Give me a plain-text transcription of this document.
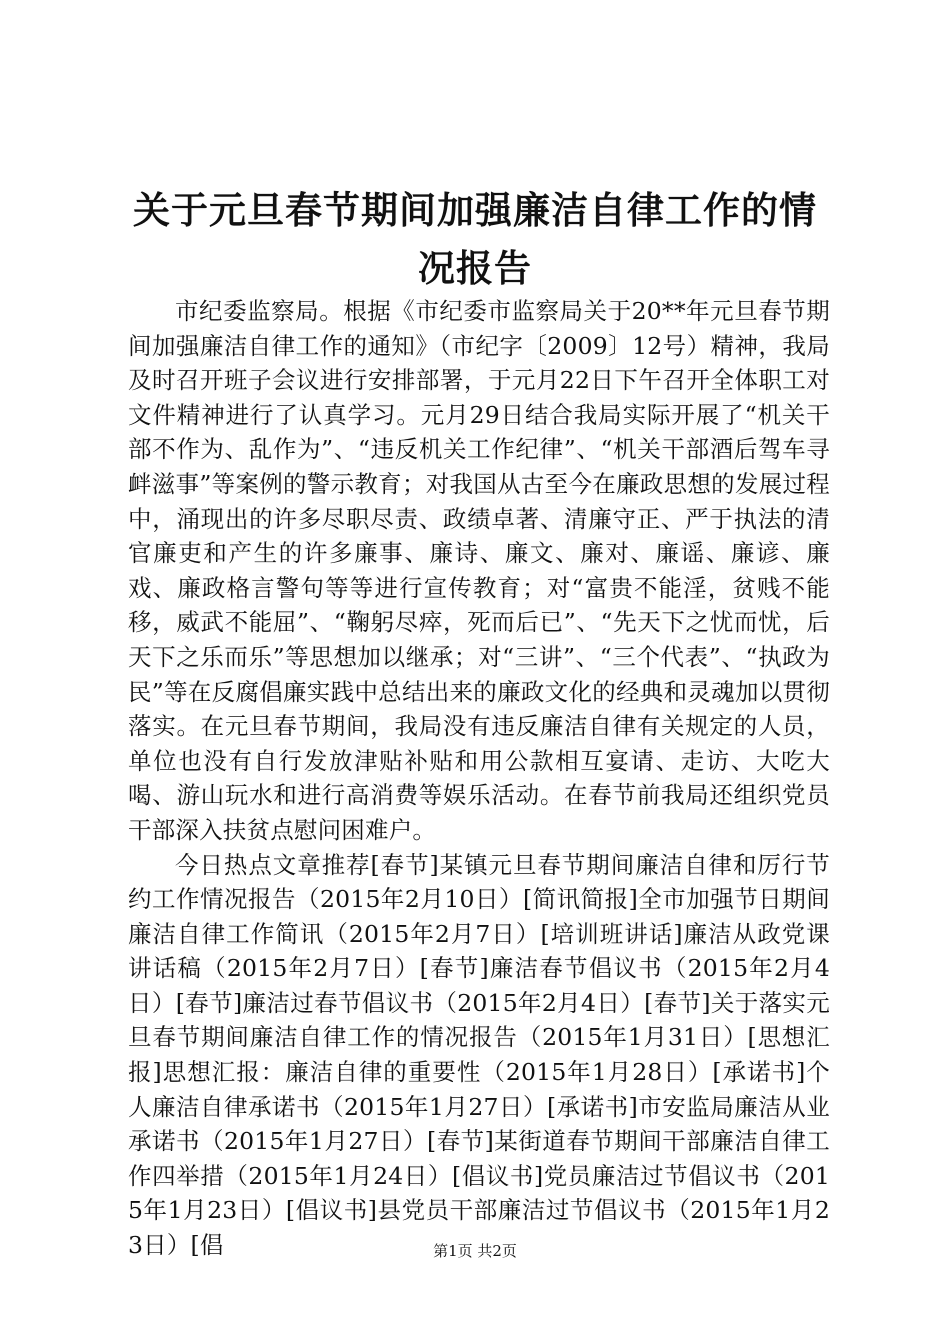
关于元旦春节期间加强廉洁自律工作的情况报告

市纪委监察局。根据《市纪委市监察局关于20**年元旦春节期间加强廉洁自律工作的通知》（市纪字〔2009〕12号）精神，我局及时召开班子会议进行安排部署，于元月22日下午召开全体职工对文件精神进行了认真学习。元月29日结合我局实际开展了“机关干部不作为、乱作为”、“违反机关工作纪律”、“机关干部酒后驾车寻衅滋事”等案例的警示教育；对我国从古至今在廉政思想的发展过程中，涌现出的许多尽职尽责、政绩卓著、清廉守正、严于执法的清官廉吏和产生的许多廉事、廉诗、廉文、廉对、廉谣、廉谚、廉戏、廉政格言警句等等进行宣传教育；对“富贵不能淫，贫贱不能移，威武不能屈”、“鞠躬尽瘁，死而后已”、“先天下之忧而忧，后天下之乐而乐”等思想加以继承；对“三讲”、“三个代表”、“执政为民”等在反腐倡廉实践中总结出来的廉政文化的经典和灵魂加以贯彻落实。在元旦春节期间，我局没有违反廉洁自律有关规定的人员，单位也没有自行发放津贴补贴和用公款相互宴请、走访、大吃大喝、游山玩水和进行高消费等娱乐活动。在春节前我局还组织党员干部深入扶贫点慰问困难户。

今日热点文章推荐[春节]某镇元旦春节期间廉洁自律和厉行节约工作情况报告（2015年2月10日）[简讯简报]全市加强节日期间廉洁自律工作简讯（2015年2月7日）[培训班讲话]廉洁从政党课讲话稿（2015年2月7日）[春节]廉洁春节倡议书（2015年2月4日）[春节]廉洁过春节倡议书（2015年2月4日）[春节]关于落实元旦春节期间廉洁自律工作的情况报告（2015年1月31日）[思想汇报]思想汇报：廉洁自律的重要性（2015年1月28日）[承诺书]个人廉洁自律承诺书（2015年1月27日）[承诺书]市安监局廉洁从业承诺书（2015年1月27日）[春节]某街道春节期间干部廉洁自律工作四举措（2015年1月24日）[倡议书]党员廉洁过节倡议书（2015年1月23日）[倡议书]县党员干部廉洁过节倡议书（2015年1月23日）[倡	第1页 共2页
